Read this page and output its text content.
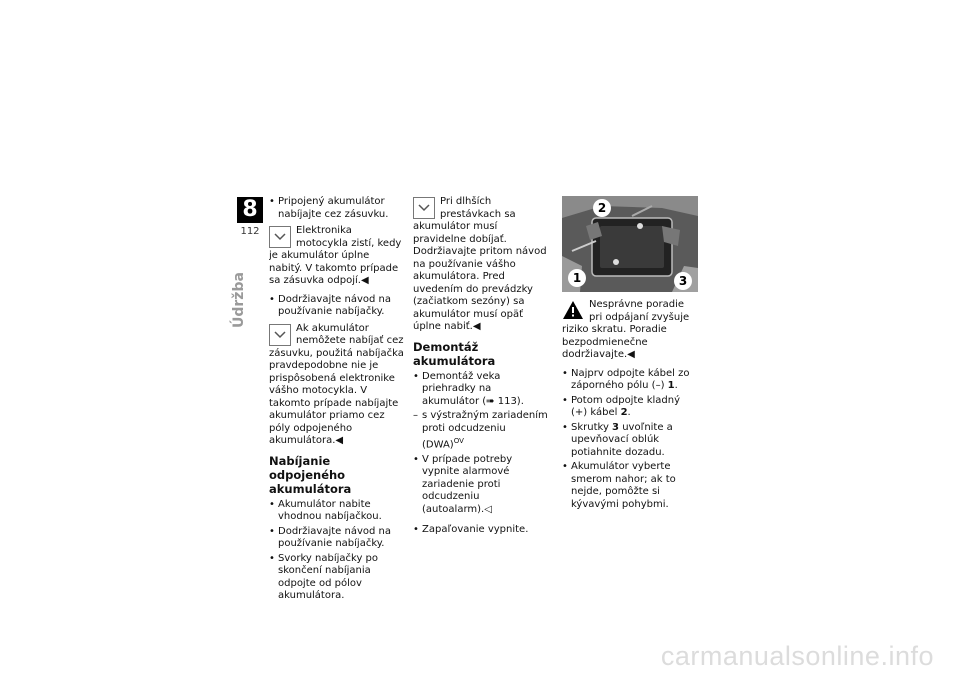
8
112
Údržba
• Pripojený akumulátor nabíjajte cez zásuvku.
Elektronika motocykla zistí, kedy je akumulátor úplne nabitý. V takomto prípade sa zásuvka odpojí.◀
• Dodržiavajte návod na používanie nabíjačky.
Ak akumulátor nemôžete nabíjať cez zásuvku, použitá nabíjačka pravdepodobne nie je prispôsobená elektronike vášho motocykla. V takomto prípade nabíjajte akumulátor priamo cez póly odpojeného akumulátora.◀
Nabíjanie odpojeného akumulátora
• Akumulátor nabite vhodnou nabíjačkou.
• Dodržiavajte návod na používanie nabíjačky.
• Svorky nabíjačky po skončení nabíjania odpojte od pólov akumulátora.
Pri dlhších prestávkach sa akumulátor musí pravidelne dobíjať. Dodržiavajte pritom návod na používanie vášho akumulátora. Pred uvedením do prevádzky (začiatkom sezóny) sa akumulátor musí opäť úplne nabiť.◀
Demontáž akumulátora
• Demontáž veka priehradky na akumulátor (➠ 113).
– s výstražným zariadením proti odcudzeniu (DWA)$^{OV}$
• V prípade potreby vypnite alarmové zariadenie proti odcudzeniu (autoalarm).◁
• Zapaľovanie vypnite.
2
1	3
Nesprávne poradie pri odpájaní zvyšuje riziko skratu. Poradie bezpodmienečne dodržiavajte.◀
• Najprv odpojte kábel zo záporného pólu (–) 1.
• Potom odpojte kladný (+) kábel 2.
• Skrutky 3 uvoľnite a upevňovací oblúk potiahnite dozadu.
• Akumulátor vyberte smerom nahor; ak to nejde, pomôžte si kývavými pohybmi.
carmanualsonline.info
